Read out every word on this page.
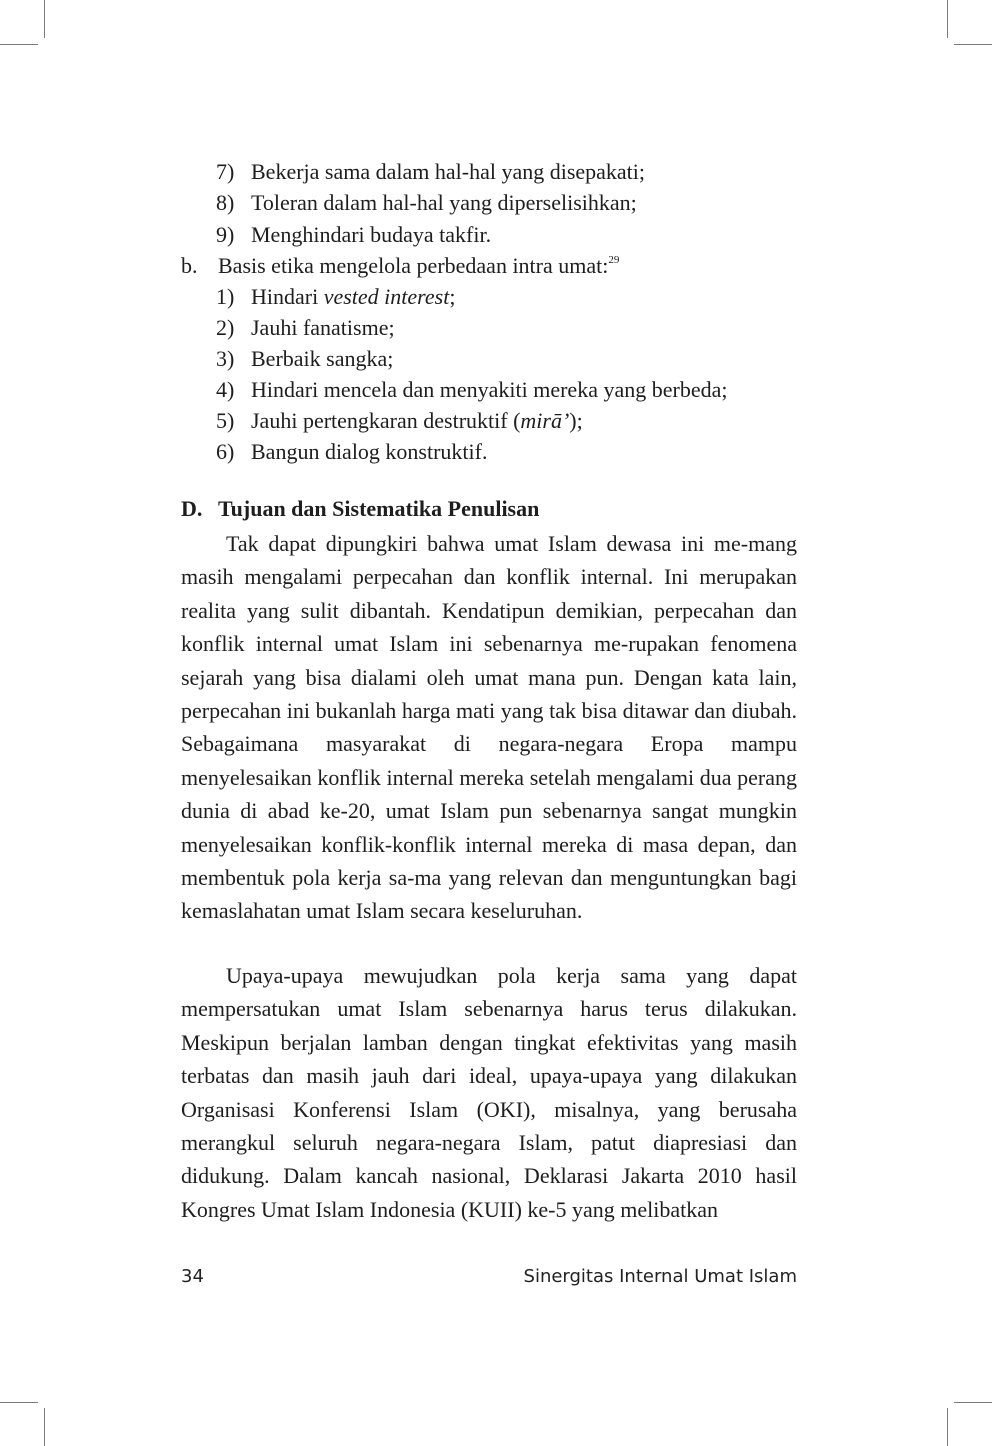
7) Bekerja sama dalam hal-hal yang disepakati;
8) Toleran dalam hal-hal yang diperselisihkan;
9) Menghindari budaya takfir.
b. Basis etika mengelola perbedaan intra umat:$^{29}$
1) Hindari vested interest;
2) Jauhi fanatisme;
3) Berbaik sangka;
4) Hindari mencela dan menyakiti mereka yang berbeda;
5) Jauhi pertengkaran destruktif (mirā’);
6) Bangun dialog konstruktif.
D. Tujuan dan Sistematika Penulisan

Tak dapat dipungkiri bahwa umat Islam dewasa ini me-mang masih mengalami perpecahan dan konflik internal. Ini merupakan realita yang sulit dibantah. Kendatipun demikian, perpecahan dan konflik internal umat Islam ini sebenarnya me-rupakan fenomena sejarah yang bisa dialami oleh umat mana pun. Dengan kata lain, perpecahan ini bukanlah harga mati yang tak bisa ditawar dan diubah. Sebagaimana masyarakat di negara-negara Eropa mampu menyelesaikan konflik internal mereka setelah mengalami dua perang dunia di abad ke-20, umat Islam pun sebenarnya sangat mungkin menyelesaikan konflik-konflik internal mereka di masa depan, dan membentuk pola kerja sa-ma yang relevan dan menguntungkan bagi kemaslahatan umat Islam secara keseluruhan.

Upaya-upaya mewujudkan pola kerja sama yang dapat mempersatukan umat Islam sebenarnya harus terus dilakukan. Meskipun berjalan lamban dengan tingkat efektivitas yang masih terbatas dan masih jauh dari ideal, upaya-upaya yang dilakukan Organisasi Konferensi Islam (OKI), misalnya, yang berusaha merangkul seluruh negara-negara Islam, patut diapresiasi dan didukung. Dalam kancah nasional, Deklarasi Jakarta 2010 hasil Kongres Umat Islam Indonesia (KUII) ke-5 yang melibatkan

34	Sinergitas Internal Umat Islam
